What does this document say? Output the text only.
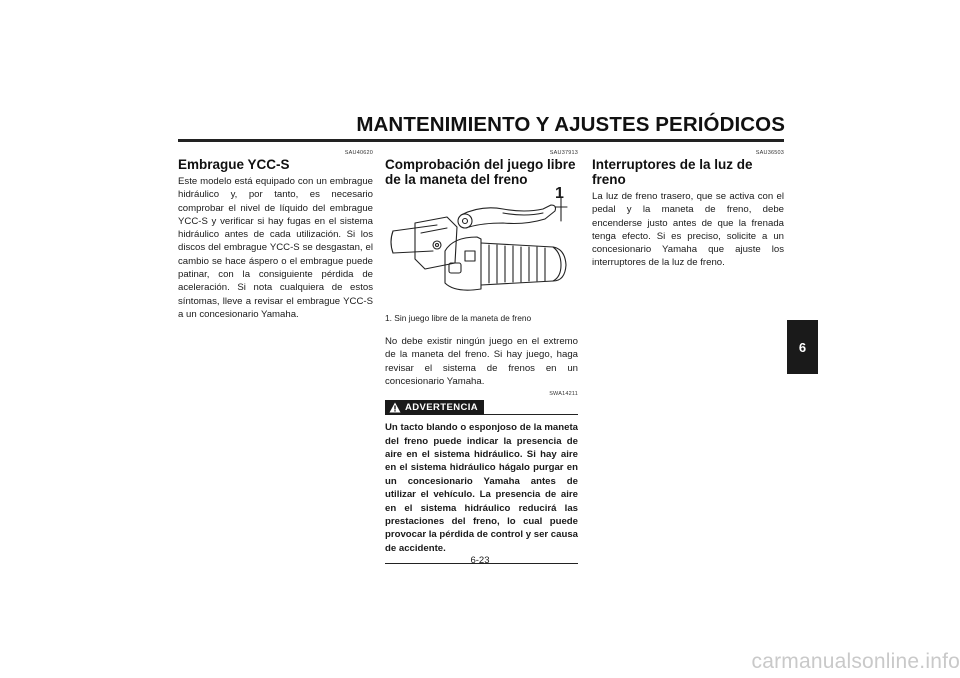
MANTENIMIENTO Y AJUSTES PERIÓDICOS
SAU40620
Embrague YCC-S

Este modelo está equipado con un embrague hidráulico y, por tanto, es necesario comprobar el nivel de líquido del embrague YCC-S y verificar si hay fugas en el sistema hidráulico antes de cada utilización. Si los discos del embrague YCC-S se desgastan, el cambio se hace áspero o el embrague puede patinar, con la consiguiente pérdida de aceleración. Si nota cualquiera de estos síntomas, lleve a revisar el embrague YCC-S a un concesionario Yamaha.

SAU37913
Comprobación del juego libre de la maneta del freno
1
1. Sin juego libre de la maneta de freno

No debe existir ningún juego en el extremo de la maneta del freno. Si hay juego, haga revisar el sistema de frenos en un concesionario Yamaha.

SWA14211
ADVERTENCIA

Un tacto blando o esponjoso de la maneta del freno puede indicar la presencia de aire en el sistema hidráulico. Si hay aire en el sistema hidráulico hágalo purgar en un concesionario Yamaha antes de utilizar el vehículo. La presencia de aire en el sistema hidráulico reducirá las prestaciones del freno, lo cual puede provocar la pérdida de control y ser causa de accidente.

SAU36503
Interruptores de la luz de freno

La luz de freno trasero, que se activa con el pedal y la maneta de freno, debe encenderse justo antes de que la frenada tenga efecto. Si es preciso, solicite a un concesionario Yamaha que ajuste los interruptores de la luz de freno.

6
6-23
carmanualsonline.info
